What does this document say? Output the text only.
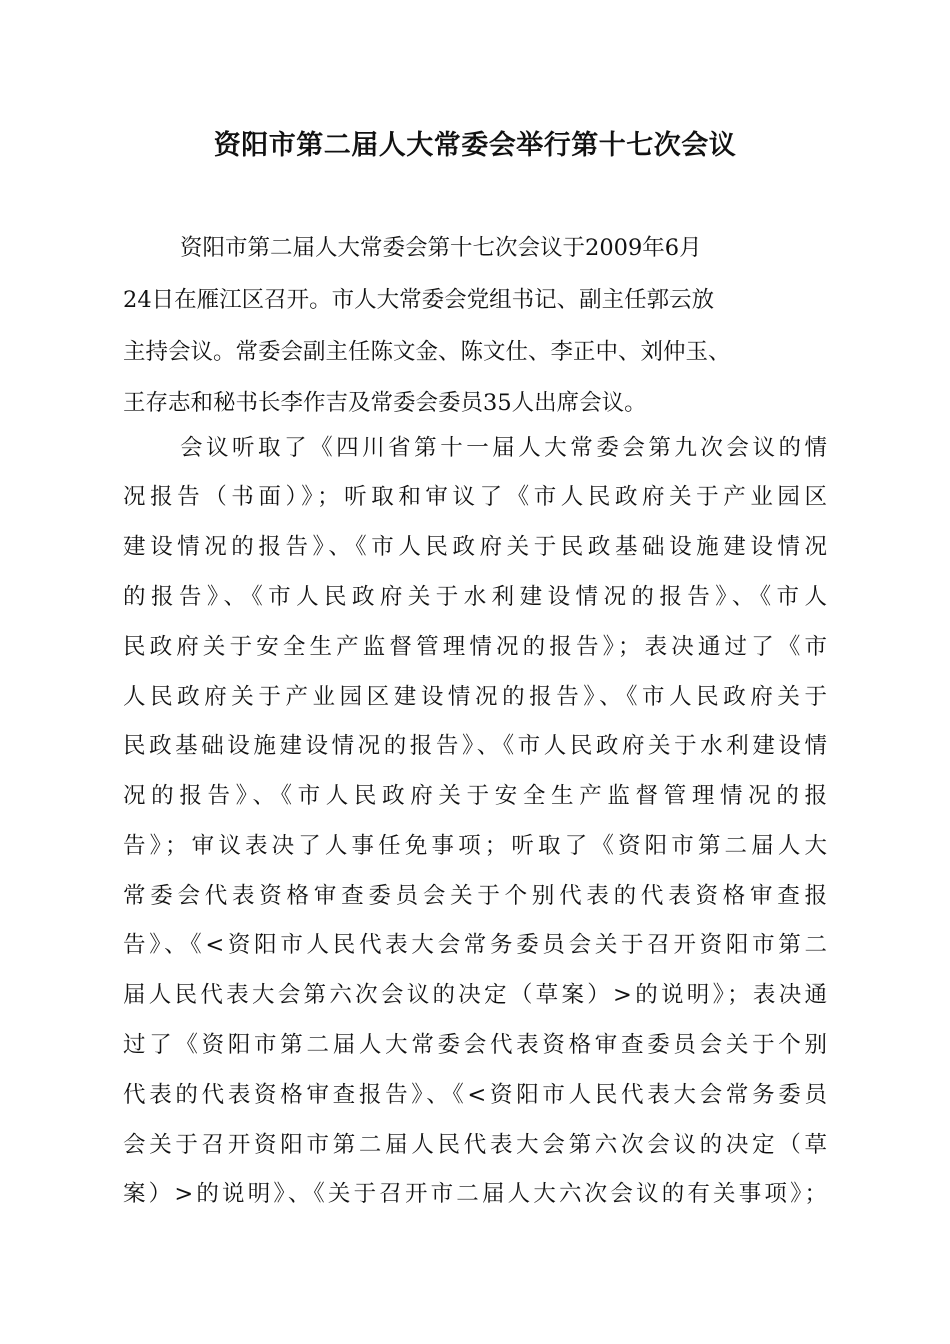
资阳市第二届人大常委会举行第十七次会议
资阳市第二届人大常委会第十七次会议于2009年6月
24日在雁江区召开。市人大常委会党组书记、副主任郭云放
主持会议。常委会副主任陈文金、陈文仕、李正中、刘仲玉、
王存志和秘书长李作吉及常委会委员35人出席会议。
会议听取了《四川省第十一届人大常委会第九次会议的情
况报告（书面）》；听取和审议了《市人民政府关于产业园区
建设情况的报告》、《市人民政府关于民政基础设施建设情况
的报告》、《市人民政府关于水利建设情况的报告》、《市人
民政府关于安全生产监督管理情况的报告》；表决通过了《市
人民政府关于产业园区建设情况的报告》、《市人民政府关于
民政基础设施建设情况的报告》、《市人民政府关于水利建设情
况的报告》、《市人民政府关于安全生产监督管理情况的报
告》；审议表决了人事任免事项；听取了《资阳市第二届人大
常委会代表资格审查委员会关于个别代表的代表资格审查报
告》、《<资阳市人民代表大会常务委员会关于召开资阳市第二
届人民代表大会第六次会议的决定（草案）>的说明》；表决通
过了《资阳市第二届人大常委会代表资格审查委员会关于个别
代表的代表资格审查报告》、《<资阳市人民代表大会常务委员
会关于召开资阳市第二届人民代表大会第六次会议的决定（草
案）>的说明》、《关于召开市二届人大六次会议的有关事项》；
